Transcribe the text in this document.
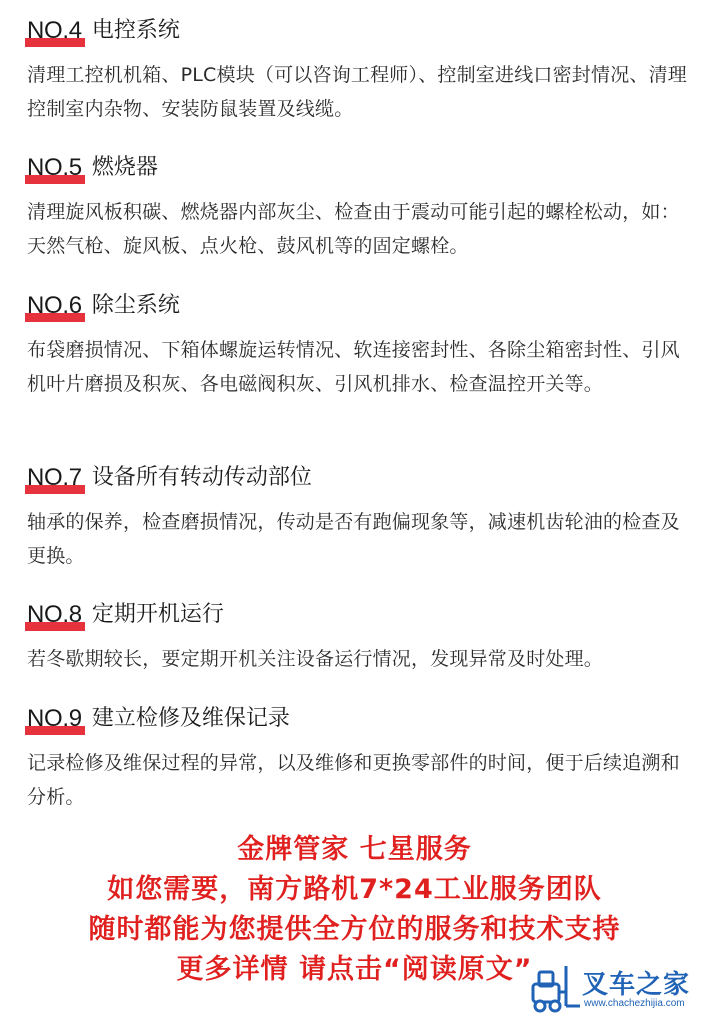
NO.4 电控系统
清理工控机机箱、PLC模块（可以咨询工程师）、控制室进线口密封情况、清理控制室内杂物、安装防鼠装置及线缆。
NO.5 燃烧器
清理旋风板积碳、燃烧器内部灰尘、检查由于震动可能引起的螺栓松动，如：天然气枪、旋风板、点火枪、鼓风机等的固定螺栓。
NO.6 除尘系统
布袋磨损情况、下箱体螺旋运转情况、软连接密封性、各除尘箱密封性、引风机叶片磨损及积灰、各电磁阀积灰、引风机排水、检查温控开关等。
NO.7 设备所有转动传动部位
轴承的保养，检查磨损情况，传动是否有跑偏现象等，减速机齿轮油的检查及更换。
NO.8 定期开机运行
若冬歇期较长，要定期开机关注设备运行情况，发现异常及时处理。
NO.9 建立检修及维保记录
记录检修及维保过程的异常，以及维修和更换零部件的时间，便于后续追溯和分析。
金牌管家 七星服务
如您需要，南方路机7*24工业服务团队
随时都能为您提供全方位的服务和技术支持
更多详情 请点击“阅读原文”	叉车之家
www.chachezhijia.com
